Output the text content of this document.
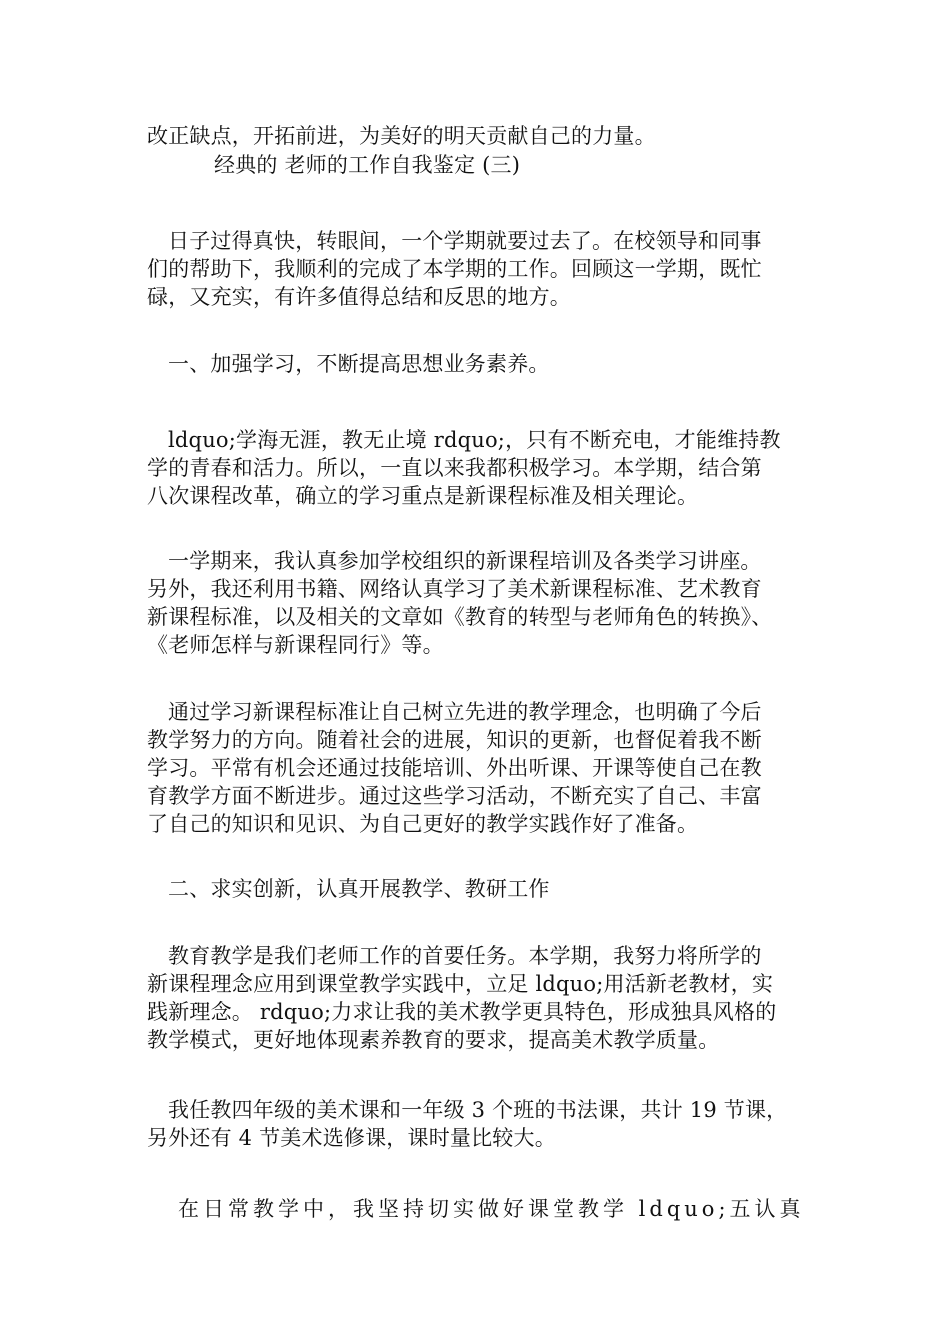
改正缺点，开拓前进，为美好的明天贡献自己的力量。
经典的 老师的工作自我鉴定 (三)
日子过得真快，转眼间，一个学期就要过去了。在校领导和同事
们的帮助下，我顺利的完成了本学期的工作。回顾这一学期，既忙
碌，又充实，有许多值得总结和反思的地方。
一、加强学习，不断提高思想业务素养。
ldquo;学海无涯，教无止境 rdquo;，只有不断充电，才能维持教
学的青春和活力。所以，一直以来我都积极学习。本学期，结合第
八次课程改革，确立的学习重点是新课程标准及相关理论。
一学期来，我认真参加学校组织的新课程培训及各类学习讲座。
另外，我还利用书籍、网络认真学习了美术新课程标准、艺术教育
新课程标准，以及相关的文章如《教育的转型与老师角色的转换》、
《老师怎样与新课程同行》等。
通过学习新课程标准让自己树立先进的教学理念，也明确了今后
教学努力的方向。随着社会的进展，知识的更新，也督促着我不断
学习。平常有机会还通过技能培训、外出听课、开课等使自己在教
育教学方面不断进步。通过这些学习活动，不断充实了自己、丰富
了自己的知识和见识、为自己更好的教学实践作好了准备。
二、求实创新，认真开展教学、教研工作
教育教学是我们老师工作的首要任务。本学期，我努力将所学的
新课程理念应用到课堂教学实践中，立足 ldquo;用活新老教材，实
践新理念。 rdquo;力求让我的美术教学更具特色，形成独具风格的
教学模式，更好地体现素养教育的要求，提高美术教学质量。
我任教四年级的美术课和一年级 3 个班的书法课，共计 19 节课，
另外还有 4 节美术选修课，课时量比较大。
在日常教学中，我坚持切实做好课堂教学 ldquo;五认真
